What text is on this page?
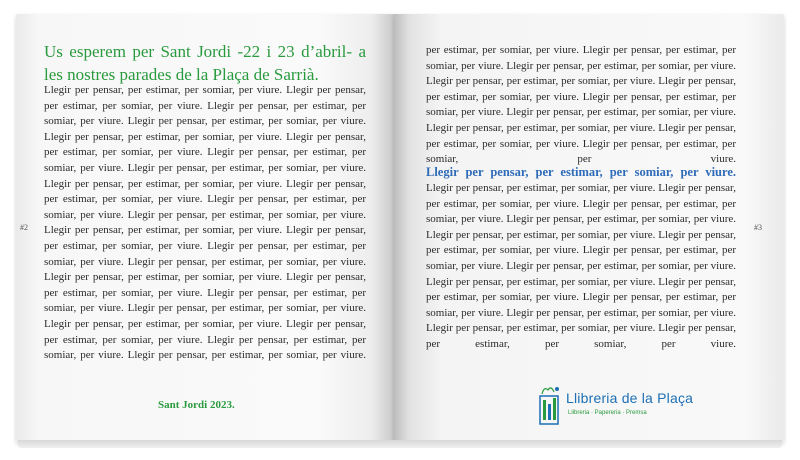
#2	#3
Us esperem per Sant Jordi -22 i 23 d’abril- a les nostres parades de la Plaça de Sarrià.
Llegir per pensar, per estimar, per somiar, per viure. Llegir per pensar, per estimar, per somiar, per viure. Llegir per pensar, per estimar, per somiar, per viure. Llegir per pensar, per estimar, per somiar, per viure. Llegir per pensar, per estimar, per somiar, per viure. Llegir per pensar, per estimar, per somiar, per viure. Llegir per pensar, per estimar, per somiar, per viure. Llegir per pensar, per estimar, per somiar, per viure. Llegir per pensar, per estimar, per somiar, per viure. Llegir per pensar, per estimar, per somiar, per viure. Llegir per pensar, per estimar, per somiar, per viure. Llegir per pensar, per estimar, per somiar, per viure. Llegir per pensar, per estimar, per somiar, per viure. Llegir per pensar, per estimar, per somiar, per viure. Llegir per pensar, per estimar, per somiar, per viure. Llegir per pensar, per estimar, per somiar, per viure. Llegir per pensar, per estimar, per somiar, per viure. Llegir per pensar, per estimar, per somiar, per viure. Llegir per pensar, per estimar, per somiar, per viure. Llegir per pensar, per estimar, per somiar, per viure. Llegir per pensar, per estimar, per somiar, per viure. Llegir per pensar, per estimar, per somiar, per viure. Llegir per pensar, per estimar, per somiar, per viure. Llegir per pensar, per estimar, per somiar, per viure.
Sant Jordi 2023.
per estimar, per somiar, per viure. Llegir per pensar, per estimar, per somiar, per viure. Llegir per pensar, per estimar, per somiar, per viure. Llegir per pensar, per estimar, per somiar, per viure. Llegir per pensar, per estimar, per somiar, per viure. Llegir per pensar, per estimar, per somiar, per viure. Llegir per pensar, per estimar, per somiar, per viure. Llegir per pensar, per estimar, per somiar, per viure. Llegir per pensar, per estimar, per somiar, per viure. Llegir per pensar, per estimar, per somiar, per viure.
Llegir per pensar, per estimar, per somiar, per viure.
Llegir per pensar, per estimar, per somiar, per viure. Llegir per pensar, per estimar, per somiar, per viure. Llegir per pensar, per estimar, per somiar, per viure. Llegir per pensar, per estimar, per somiar, per viure. Llegir per pensar, per estimar, per somiar, per viure. Llegir per pensar, per estimar, per somiar, per viure. Llegir per pensar, per estimar, per somiar, per viure. Llegir per pensar, per estimar, per somiar, per viure. Llegir per pensar, per estimar, per somiar, per viure. Llegir per pensar, per estimar, per somiar, per viure. Llegir per pensar, per estimar, per somiar, per viure. Llegir per pensar, per estimar, per somiar, per viure. Llegir per pensar, per estimar, per somiar, per viure. Llegir per pensar, per estimar, per somiar, per viure.
Llibreria de la Plaça
Llibreria · Papereria · Premsa
